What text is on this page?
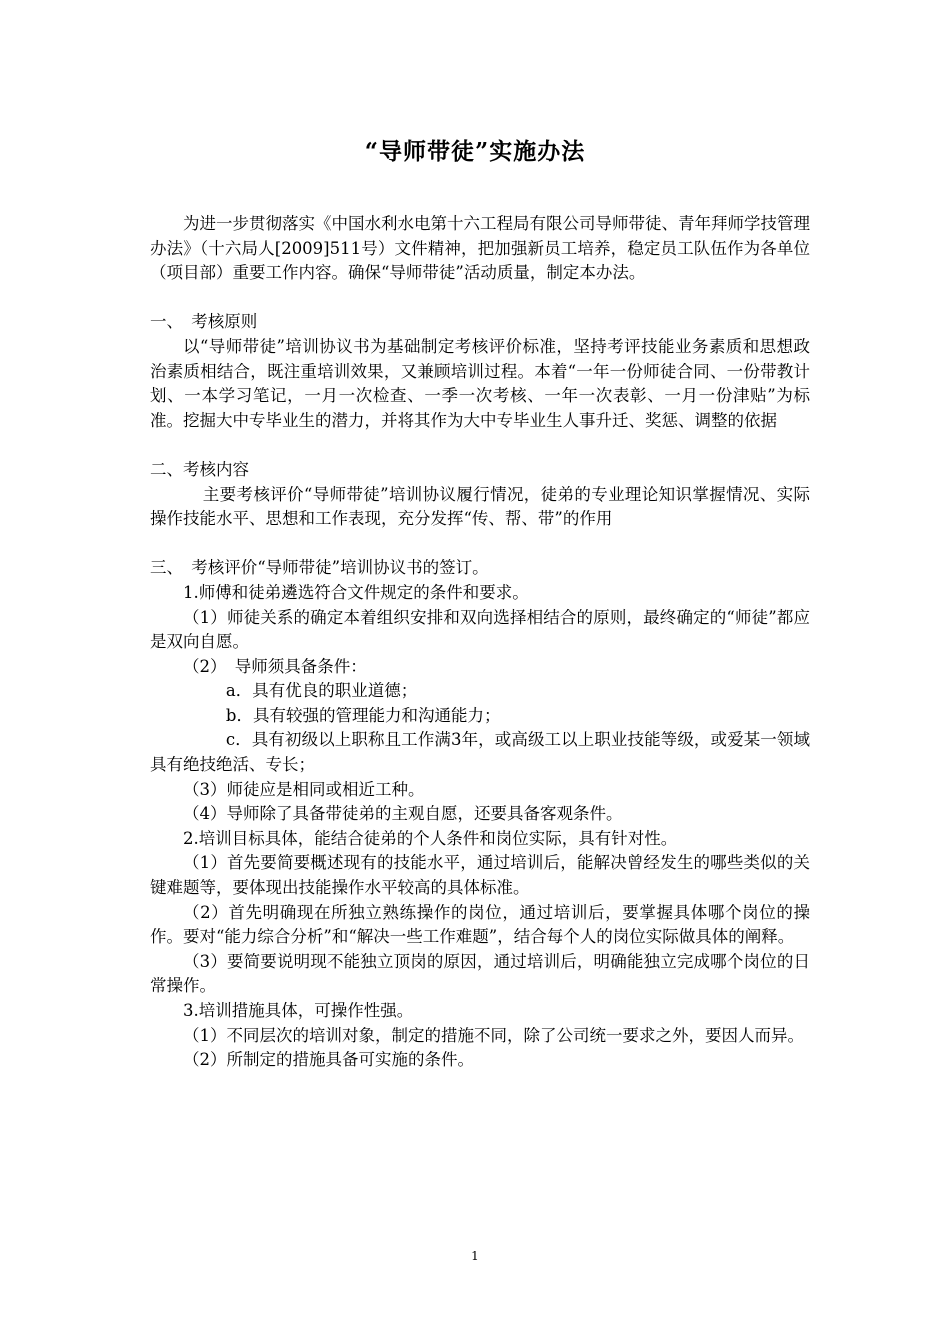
“导师带徒”实施办法

为进一步贯彻落实《中国水利水电第十六工程局有限公司导师带徒、青年拜师学技管理办法》（十六局人[2009]511号）文件精神，把加强新员工培养，稳定员工队伍作为各单位（项目部）重要工作内容。确保“导师带徒”活动质量，制定本办法。

一、　考核原则

以“导师带徒”培训协议书为基础制定考核评价标准，坚持考评技能业务素质和思想政治素质相结合，既注重培训效果，又兼顾培训过程。本着“一年一份师徒合同、一份带教计划、一本学习笔记，一月一次检查、一季一次考核、一年一次表彰、一月一份津贴”为标准。挖掘大中专毕业生的潜力，并将其作为大中专毕业生人事升迁、奖惩、调整的依据

二、考核内容

主要考核评价“导师带徒”培训协议履行情况，徒弟的专业理论知识掌握情况、实际操作技能水平、思想和工作表现，充分发挥“传、帮、带”的作用

三、　考核评价“导师带徒”培训协议书的签订。

1.师傅和徒弟遴选符合文件规定的条件和要求。

（1）师徒关系的确定本着组织安排和双向选择相结合的原则，最终确定的“师徒”都应是双向自愿。

（2）　导师须具备条件：

a．具有优良的职业道德；

b．具有较强的管理能力和沟通能力；

c．具有初级以上职称且工作满3年，或高级工以上职业技能等级，或爱某一领域具有绝技绝活、专长；

（3）师徒应是相同或相近工种。

（4）导师除了具备带徒弟的主观自愿，还要具备客观条件。

2.培训目标具体，能结合徒弟的个人条件和岗位实际，具有针对性。

（1）首先要简要概述现有的技能水平，通过培训后，能解决曾经发生的哪些类似的关键难题等，要体现出技能操作水平较高的具体标准。

（2）首先明确现在所独立熟练操作的岗位，通过培训后，要掌握具体哪个岗位的操作。要对“能力综合分析”和“解决一些工作难题”，结合每个人的岗位实际做具体的阐释。

（3）要简要说明现不能独立顶岗的原因，通过培训后，明确能独立完成哪个岗位的日常操作。

3.培训措施具体，可操作性强。

（1）不同层次的培训对象，制定的措施不同，除了公司统一要求之外，要因人而异。

（2）所制定的措施具备可实施的条件。

1
